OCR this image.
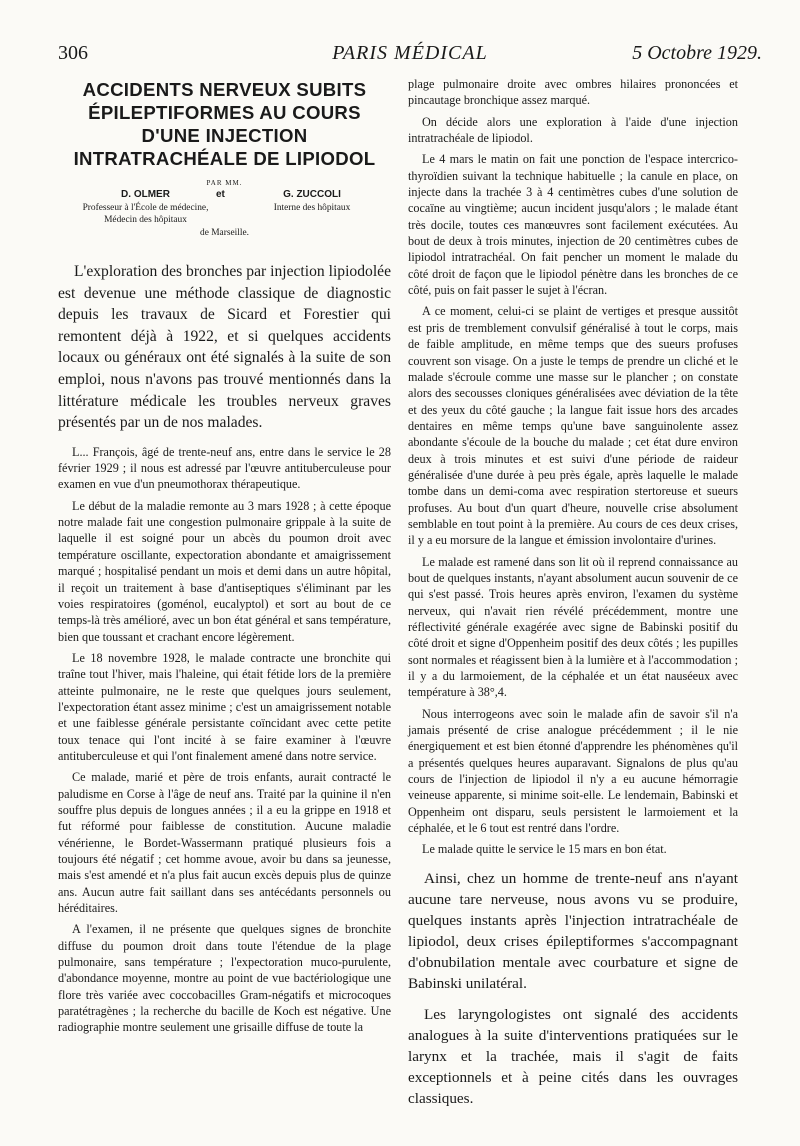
306	PARIS MÉDICAL	5 Octobre 1929.
ACCIDENTS NERVEUX SUBITS ÉPILEPTIFORMES AU COURS D'UNE INJECTION INTRATRACHÉALE DE LIPIODOL
PAR MM.
D. OLMER
Professeur à l'École de médecine,
Médecin des hôpitaux
et	G. ZUCCOLI
Interne des hôpitaux
de Marseille.

L'exploration des bronches par injection lipiodolée est devenue une méthode classique de diagnostic depuis les travaux de Sicard et Forestier qui remontent déjà à 1922, et si quelques accidents locaux ou généraux ont été signalés à la suite de son emploi, nous n'avons pas trouvé mentionnés dans la littérature médicale les troubles nerveux graves présentés par un de nos malades.

L... François, âgé de trente-neuf ans, entre dans le service le 28 février 1929 ; il nous est adressé par l'œuvre antituberculeuse pour examen en vue d'un pneumothorax thérapeutique.

Le début de la maladie remonte au 3 mars 1928 ; à cette époque notre malade fait une congestion pulmonaire grippale à la suite de laquelle il est soigné pour un abcès du poumon droit avec température oscillante, expectoration abondante et amaigrissement marqué ; hospitalisé pendant un mois et demi dans un autre hôpital, il reçoit un traitement à base d'antiseptiques s'éliminant par les voies respiratoires (goménol, eucalyptol) et sort au bout de ce temps-là très amélioré, avec un bon état général et sans température, bien que toussant et crachant encore légèrement.

Le 18 novembre 1928, le malade contracte une bronchite qui traîne tout l'hiver, mais l'haleine, qui était fétide lors de la première atteinte pulmonaire, ne le reste que quelques jours seulement, l'expectoration étant assez minime ; c'est un amaigrissement notable et une faiblesse générale persistante coïncidant avec cette petite toux tenace qui l'ont incité à se faire examiner à l'œuvre antituberculeuse et qui l'ont finalement amené dans notre service.

Ce malade, marié et père de trois enfants, aurait contracté le paludisme en Corse à l'âge de neuf ans. Traité par la quinine il n'en souffre plus depuis de longues années ; il a eu la grippe en 1918 et fut réformé pour faiblesse de constitution. Aucune maladie vénérienne, le Bordet-Wassermann pratiqué plusieurs fois a toujours été négatif ; cet homme avoue, avoir bu dans sa jeunesse, mais s'est amendé et n'a plus fait aucun excès depuis plus de quinze ans. Aucun autre fait saillant dans ses antécédants personnels ou héréditaires.

A l'examen, il ne présente que quelques signes de bronchite diffuse du poumon droit dans toute l'étendue de la plage pulmonaire, sans température ; l'expectoration muco-purulente, d'abondance moyenne, montre au point de vue bactériologique une flore très variée avec coccobacilles Gram-négatifs et microcoques paratétragènes ; la recherche du bacille de Koch est négative. Une radiographie montre seulement une grisaille diffuse de toute la

plage pulmonaire droite avec ombres hilaires prononcées et pincautage bronchique assez marqué.

On décide alors une exploration à l'aide d'une injection intratrachéale de lipiodol.

Le 4 mars le matin on fait une ponction de l'espace intercrico-thyroïdien suivant la technique habituelle ; la canule en place, on injecte dans la trachée 3 à 4 centimètres cubes d'une solution de cocaïne au vingtième; aucun incident jusqu'alors ; le malade étant très docile, toutes ces manœuvres sont facilement exécutées. Au bout de deux à trois minutes, injection de 20 centimètres cubes de lipiodol intratrachéal. On fait pencher un moment le malade du côté droit de façon que le lipiodol pénètre dans les bronches de ce côté, puis on fait passer le sujet à l'écran.

A ce moment, celui-ci se plaint de vertiges et presque aussitôt est pris de tremblement convulsif généralisé à tout le corps, mais de faible amplitude, en même temps que des sueurs profuses couvrent son visage. On a juste le temps de prendre un cliché et le malade s'écroule comme une masse sur le plancher ; on constate alors des secousses cloniques généralisées avec déviation de la tête et des yeux du côté gauche ; la langue fait issue hors des arcades dentaires en même temps qu'une bave sanguinolente assez abondante s'écoule de la bouche du malade ; cet état dure environ deux à trois minutes et est suivi d'une période de raideur généralisée d'une durée à peu près égale, après laquelle le malade tombe dans un demi-coma avec respiration stertoreuse et sueurs profuses. Au bout d'un quart d'heure, nouvelle crise absolument semblable en tout point à la première. Au cours de ces deux crises, il y a eu morsure de la langue et émission involontaire d'urines.

Le malade est ramené dans son lit où il reprend connaissance au bout de quelques instants, n'ayant absolument aucun souvenir de ce qui s'est passé. Trois heures après environ, l'examen du système nerveux, qui n'avait rien révélé précédemment, montre une réflectivité générale exagérée avec signe de Babinski positif du côté droit et signe d'Oppenheim positif des deux côtés ; les pupilles sont normales et réagissent bien à la lumière et à l'accommodation ; il y a du larmoiement, de la céphalée et un état nauséeux avec température à 38°,4.

Nous interrogeons avec soin le malade afin de savoir s'il n'a jamais présenté de crise analogue précédemment ; il le nie énergiquement et est bien étonné d'apprendre les phénomènes qu'il a présentés quelques heures auparavant. Signalons de plus qu'au cours de l'injection de lipiodol il n'y a eu aucune hémorragie veineuse apparente, si minime soit-elle. Le lendemain, Babinski et Oppenheim ont disparu, seuls persistent le larmoiement et la céphalée, et le 6 tout est rentré dans l'ordre.

Le malade quitte le service le 15 mars en bon état.

Ainsi, chez un homme de trente-neuf ans n'ayant aucune tare nerveuse, nous avons vu se produire, quelques instants après l'injection intratrachéale de lipiodol, deux crises épileptiformes s'accompagnant d'obnubilation mentale avec courbature et signe de Babinski unilatéral.

Les laryngologistes ont signalé des accidents analogues à la suite d'interventions pratiquées sur le larynx et la trachée, mais il s'agit de faits exceptionnels et à peine cités dans les ouvrages classiques.
